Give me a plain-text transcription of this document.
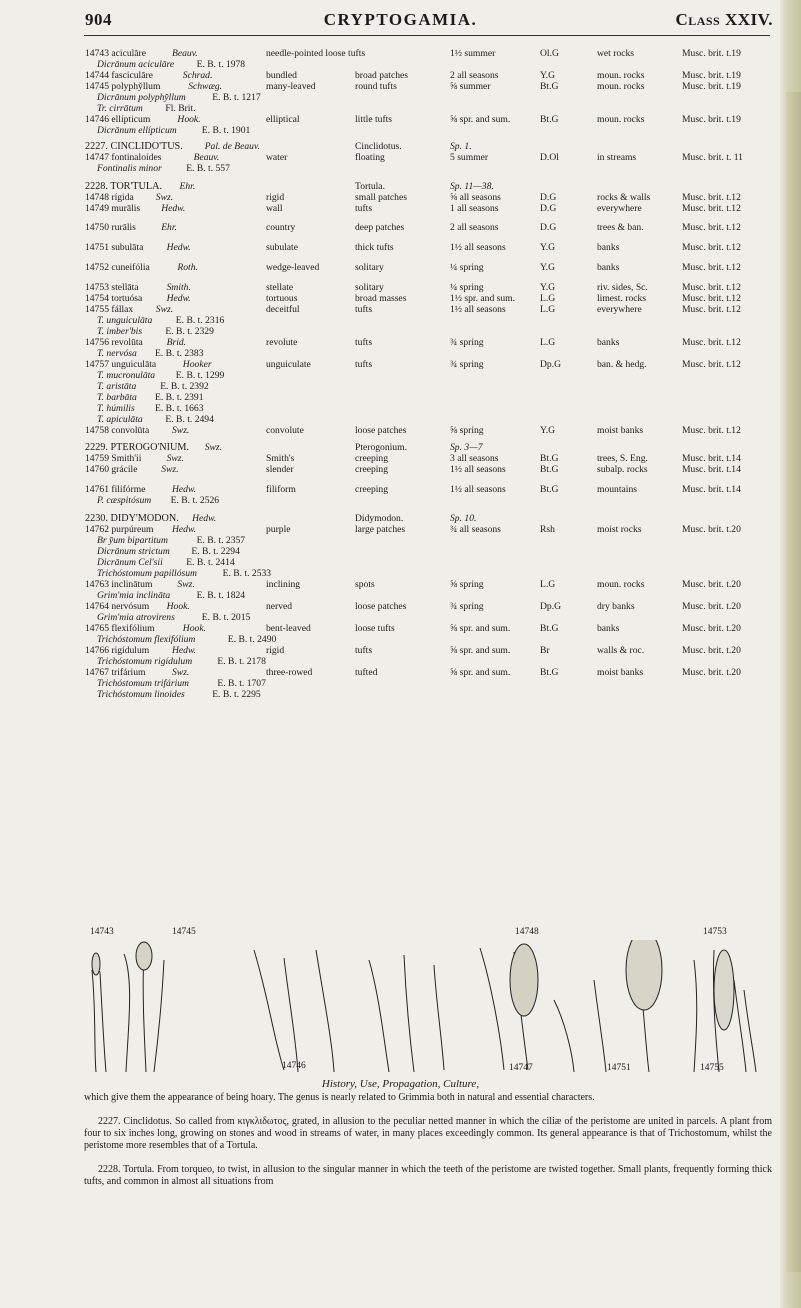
904	CRYPTOGAMIA.	Class XXIV.
14743 aciculāre	Beauv.	needle-pointed loose tufts	1½ summer	Ol.G	wet rocks	Musc. brit. t.19
Dicrānum aciculāre E. B. t. 1978
14744 fasciculāre	Schrad.	bundled	broad patches	2 all seasons	Y.G	moun. rocks	Musc. brit. t.19
14745 polyphy̆llum	Schwæg.	many-leaved	round tufts	⅝ summer	Bt.G	moun. rocks	Musc. brit. t.19
Dicrānum polyphy̆llum	E. B. t. 1217
Tr. cirrātum Fl. Brit.
14746 ellípticum	Hook.	elliptical	little tufts	⅝ spr. and sum.	Bt.G	moun. rocks	Musc. brit. t.19
Dicrānum ellípticum	E. B. t. 1901
2227. CINCLIDO'TUS. Pal. de Beauv.	Cinclidotus.	Sp. 1.
14747 fontinaloídes	Beauv.	water	floating	5 summer	D.Ol	in streams	Musc. brit. t. 11
Fontinalis minor	E. B. t. 557
2228. TOR'TULA. Ehr.	Tortula.	Sp. 11—38.
14748 rígida Swz.	rigid	small patches	⅝ all seasons	D.G	rocks & walls	Musc. brit. t.12
14749 murālis Hedw.	wall	tufts	1 all seasons	D.G	everywhere	Musc. brit. t.12
14750 rurālis	Ehr.	country	deep patches	2 all seasons	D.G	trees & ban.	Musc. brit. t.12
14751 subulāta Hedw.	subulate	thick tufts	1½ all seasons	Y.G	banks	Musc. brit. t.12
14752 cuneifólia	Roth.	wedge-leaved	solitary	¼ spring	Y.G	banks	Musc. brit. t.12
14753 stellāta	Smith.	stellate	solitary	¼ spring	Y.G	riv. sides, Sc.	Musc. brit. t.12
14754 tortuósa	Hedw.	tortuous	broad masses	1½ spr. and sum.	L.G	limest. rocks	Musc. brit. t.12
14755 fállax Swz.	deceitful	tufts	1½ all seasons	L.G	everywhere	Musc. brit. t.12
T. unguiculāta E. B. t. 2316
T. imber'bis E. B. t. 2329
14756 revolūta Brid.	revolute	tufts	¾ spring	L.G	banks	Musc. brit. t.12
T. nervósa E. B. t. 2383
14757 unguiculāta	Hooker	unguiculate	tufts	¾ spring	Dp.G	ban. & hedg.	Musc. brit. t.12
T. mucronulāta E. B. t. 1299
T. aristāta E. B. t. 2392
T. barbāta E. B. t. 2391
T. húmilis E. B. t. 1663
T. apiculāta E. B. t. 2494
14758 convolūta Swz.	convolute	loose patches	⅝ spring	Y.G	moist banks	Musc. brit. t.12
2229. PTEROGO'NIUM. Swz.	Pterogonium.	Sp. 3—7
14759 Smith'ii	Swz.	Smith's	creeping	3 all seasons	Bt.G	trees, S. Eng.	Musc. brit. t.14
14760 grácile Swz.	slender	creeping	1½ all seasons	Bt.G	subalp. rocks	Musc. brit. t.14
14761 filifórme	Hedw.	filiform	creeping	1½ all seasons	Bt.G	mountains	Musc. brit. t.14
P. cæspitósum E. B. t. 2526
2230. DIDY'MODON. Hedw.	Didymodon.	Sp. 10.
14762 purpúreum Hedw.	purple	large patches	¾ all seasons	Rsh	moist rocks	Musc. brit. t.20
Br y̆um bipartitum	E. B. t. 2357
Dicrānum strictum E. B. t. 2294
Dicrānum Cel'sii E. B. t. 2414
Trichóstomum papillósum	E. B. t. 2533
14763 inclinātum	Swz.	inclining	spots	⅝ spring	L.G	moun. rocks	Musc. brit. t.20
Grim'mia inclināta	E. B. t. 1824
14764 nervósum Hook.	nerved	loose patches	¾ spring	Dp.G	dry banks	Musc. brit. t.20
Grim'mia atrovirens	E. B. t. 2015
14765 flexifólium	Hook.	bent-leaved	loose tufts	⅝ spr. and sum.	Bt.G	banks	Musc. brit. t.20
Trichóstomum flexifólium	E. B. t. 2490
14766 rigídulum Hedw.	rigid	tufts	⅝ spr. and sum.	Br	walls & roc.	Musc. brit. t.20
Trichóstomum rigídulum	E. B. t. 2178
14767 trifárium	Swz.	three-rowed	tufted	⅝ spr. and sum.	Bt.G	moist banks	Musc. brit. t.20
Trichóstomum trifárium	E. B. t. 1707
Trichóstomum linoides	E. B. t. 2295
14743	14745	14748	14753
14746	14747	14751	14755
History, Use, Propagation, Culture,
which give them the appearance of being hoary. The genus is nearly related to Grimmia both in natural and essential characters.
2227. Cinclidotus. So called from κιγκλιδωτος, grated, in allusion to the peculiar netted manner in which the ciliæ of the peristome are united in parcels. A plant from four to six inches long, growing on stones and wood in streams of water, in many places exceedingly common. Its general appearance is that of Trichostomum, whilst the peristome more resembles that of a Tortula.
2228. Tortula. From torqueo, to twist, in allusion to the singular manner in which the teeth of the peristome are twisted together. Small plants, frequently forming thick tufts, and common in almost all situations from
